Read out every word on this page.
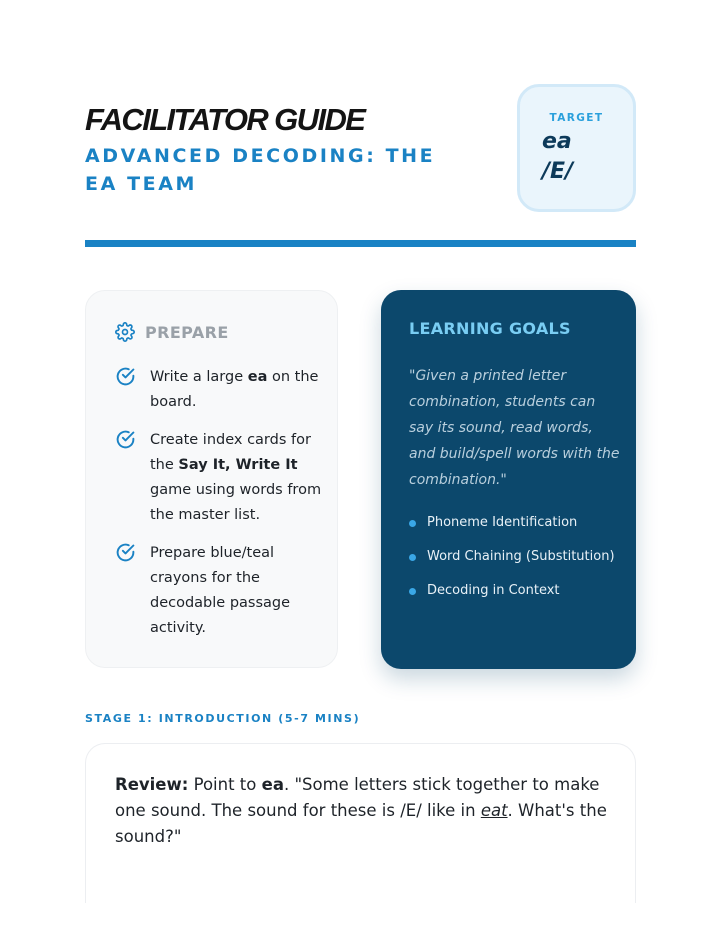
FACILITATOR GUIDE
ADVANCED DECODING: THE EA TEAM
TARGET
ea
/E/
PREPARE

Write a large ea on the board.

Create index cards for the Say It, Write It game using words from the master list.

Prepare blue/teal crayons for the decodable passage activity.

LEARNING GOALS

"Given a printed letter combination, students can say its sound, read words, and build/spell words with the combination."

Phoneme Identification
Word Chaining (Substitution)
Decoding in Context
STAGE 1: INTRODUCTION (5-7 MINS)

Review: Point to ea. "Some letters stick together to make one sound. The sound for these is /E/ like in eat. What's the sound?"
